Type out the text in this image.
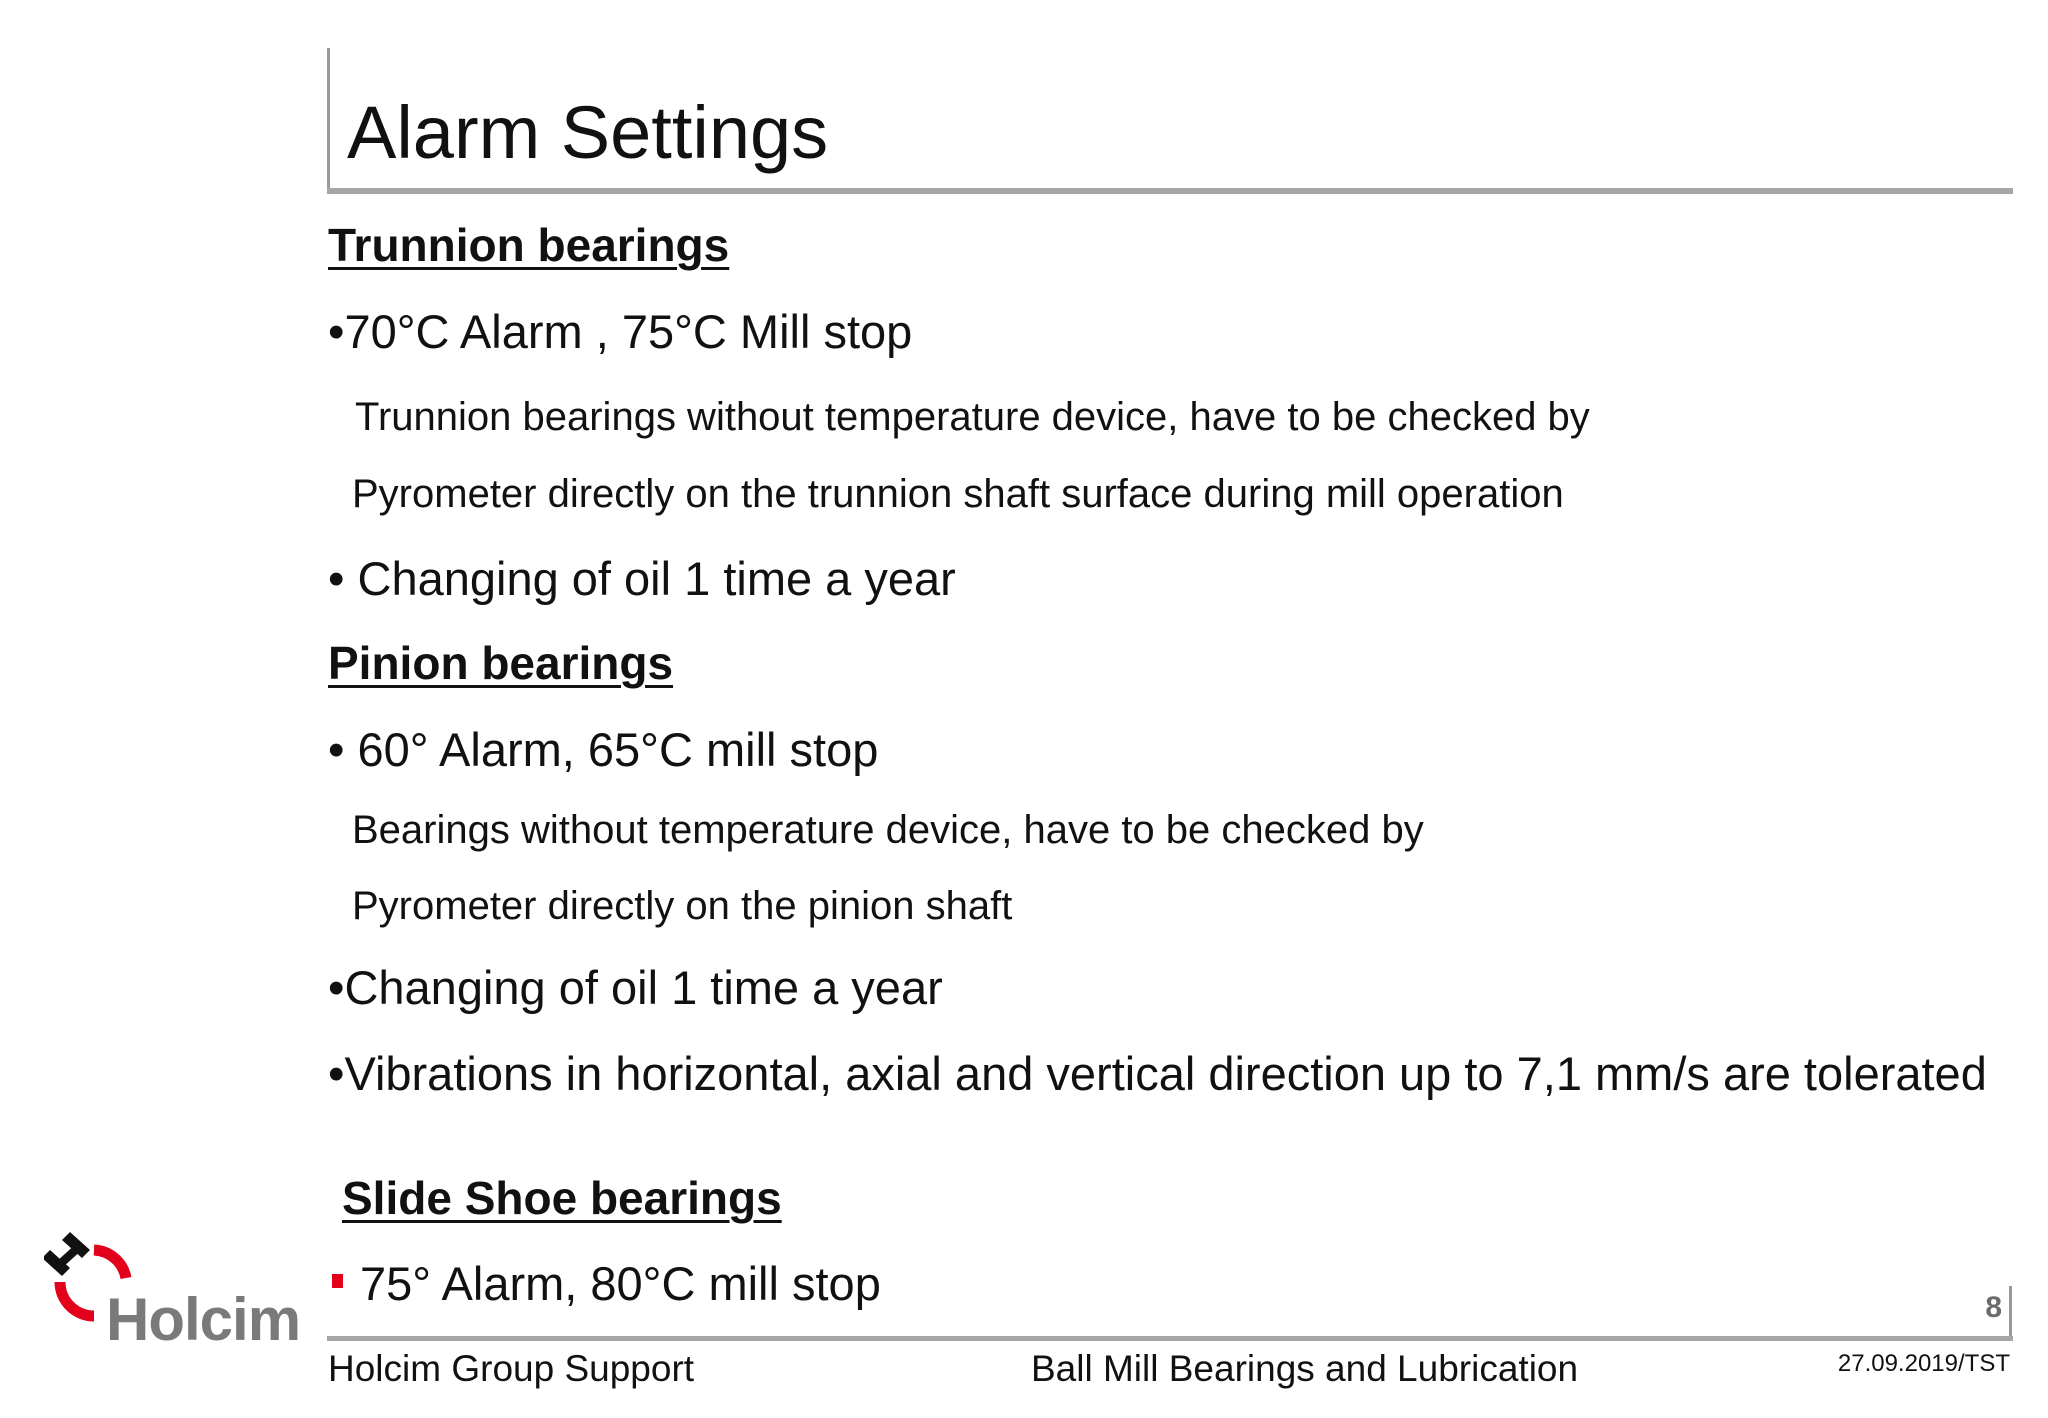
Alarm Settings
Trunnion bearings
•70°C Alarm , 75°C Mill stop
Trunnion bearings without temperature device, have to be checked by
Pyrometer directly on the trunnion shaft surface during mill operation
• Changing of oil 1 time a year
Pinion bearings
• 60° Alarm, 65°C mill stop
Bearings without temperature device, have to be checked by
Pyrometer directly on the pinion shaft
•Changing of oil 1 time a year
•Vibrations in horizontal, axial and vertical direction up to 7,1 mm/s are tolerated
Slide Shoe bearings
75° Alarm, 80°C mill stop
Holcim	8
Holcim Group Support	Ball Mill Bearings and Lubrication	27.09.2019/TST
